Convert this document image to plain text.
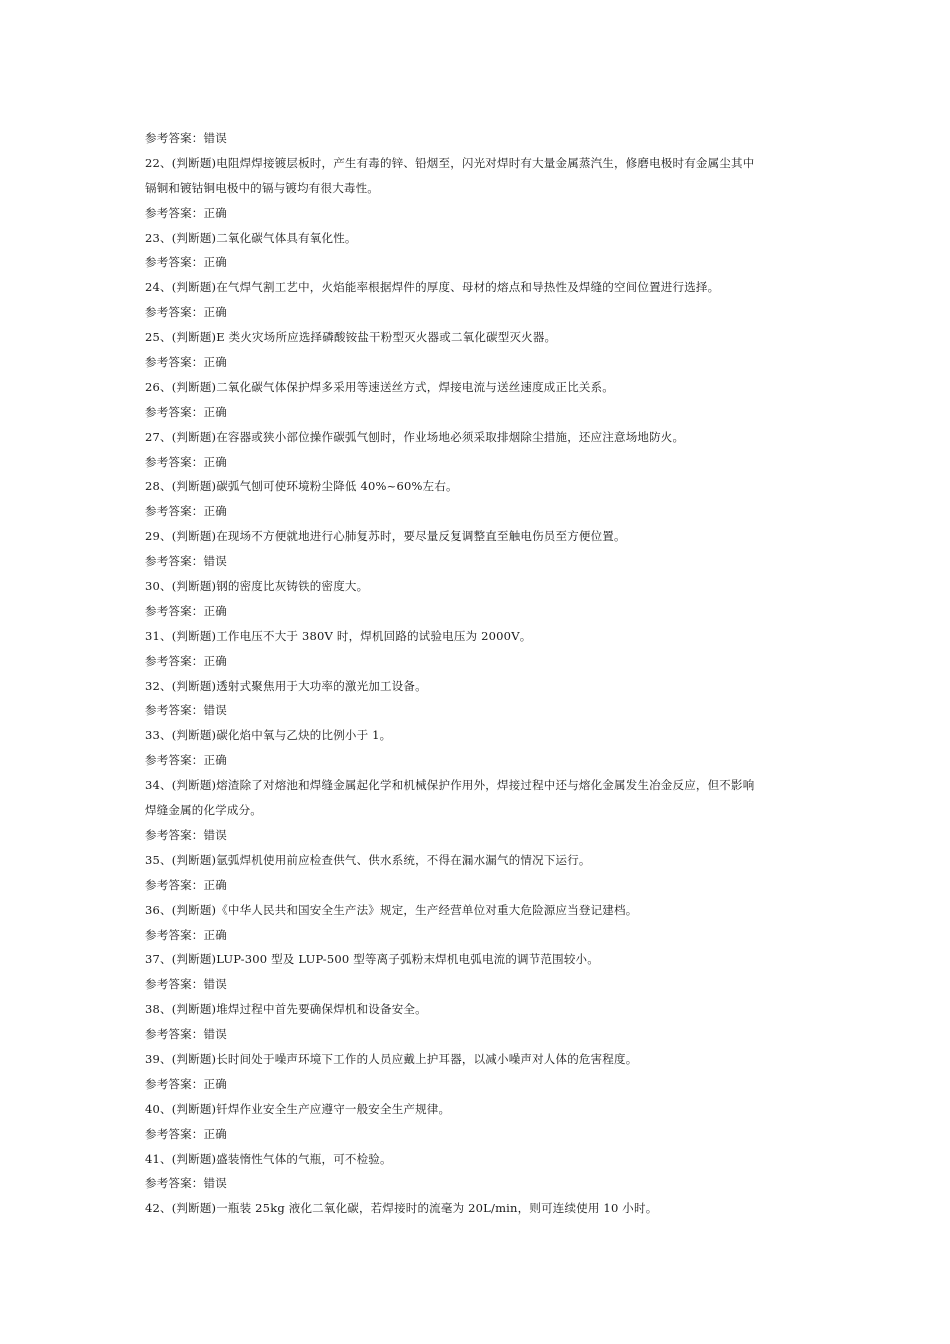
参考答案：错误
22、(判断题)电阻焊焊接镀层板时，产生有毒的锌、铅烟至，闪光对焊时有大量金属蒸汽生，修磨电极时有金属尘其中
镉铜和镀钴铜电极中的镉与镀均有很大毒性。
参考答案：正确
23、(判断题)二氧化碳气体具有氧化性。
参考答案：正确
24、(判断题)在气焊气割工艺中，火焰能率根据焊件的厚度、母材的熔点和导热性及焊缝的空间位置进行选择。
参考答案：正确
25、(判断题)E 类火灾场所应选择磷酸铵盐干粉型灭火器或二氧化碳型灭火器。
参考答案：正确
26、(判断题)二氧化碳气体保护焊多采用等速送丝方式，焊接电流与送丝速度成正比关系。
参考答案：正确
27、(判断题)在容器或狭小部位操作碳弧气刨时，作业场地必须采取排烟除尘措施，还应注意场地防火。
参考答案：正确
28、(判断题)碳弧气刨可使环境粉尘降低 40%~60%左右。
参考答案：正确
29、(判断题)在现场不方便就地进行心肺复苏时，要尽量反复调整直至触电伤员至方便位置。
参考答案：错误
30、(判断题)钢的密度比灰铸铁的密度大。
参考答案：正确
31、(判断题)工作电压不大于 380V 时，焊机回路的试验电压为 2000V。
参考答案：正确
32、(判断题)透射式聚焦用于大功率的激光加工设备。
参考答案：错误
33、(判断题)碳化焰中氧与乙炔的比例小于 1。
参考答案：正确
34、(判断题)熔渣除了对熔池和焊缝金属起化学和机械保护作用外，焊接过程中还与熔化金属发生冶金反应，但不影响
焊缝金属的化学成分。
参考答案：错误
35、(判断题)氩弧焊机使用前应检查供气、供水系统，不得在漏水漏气的情况下运行。
参考答案：正确
36、(判断题)《中华人民共和国安全生产法》规定，生产经营单位对重大危险源应当登记建档。
参考答案：正确
37、(判断题)LUP-300 型及 LUP-500 型等离子弧粉末焊机电弧电流的调节范围较小。
参考答案：错误
38、(判断题)堆焊过程中首先要确保焊机和设备安全。
参考答案：错误
39、(判断题)长时间处于噪声环境下工作的人员应戴上护耳器，以减小噪声对人体的危害程度。
参考答案：正确
40、(判断题)钎焊作业安全生产应遵守一般安全生产规律。
参考答案：正确
41、(判断题)盛装惰性气体的气瓶，可不检验。
参考答案：错误
42、(判断题)一瓶装 25kg 液化二氧化碳，若焊接时的流毫为 20L/min，则可连续使用 10 小时。
